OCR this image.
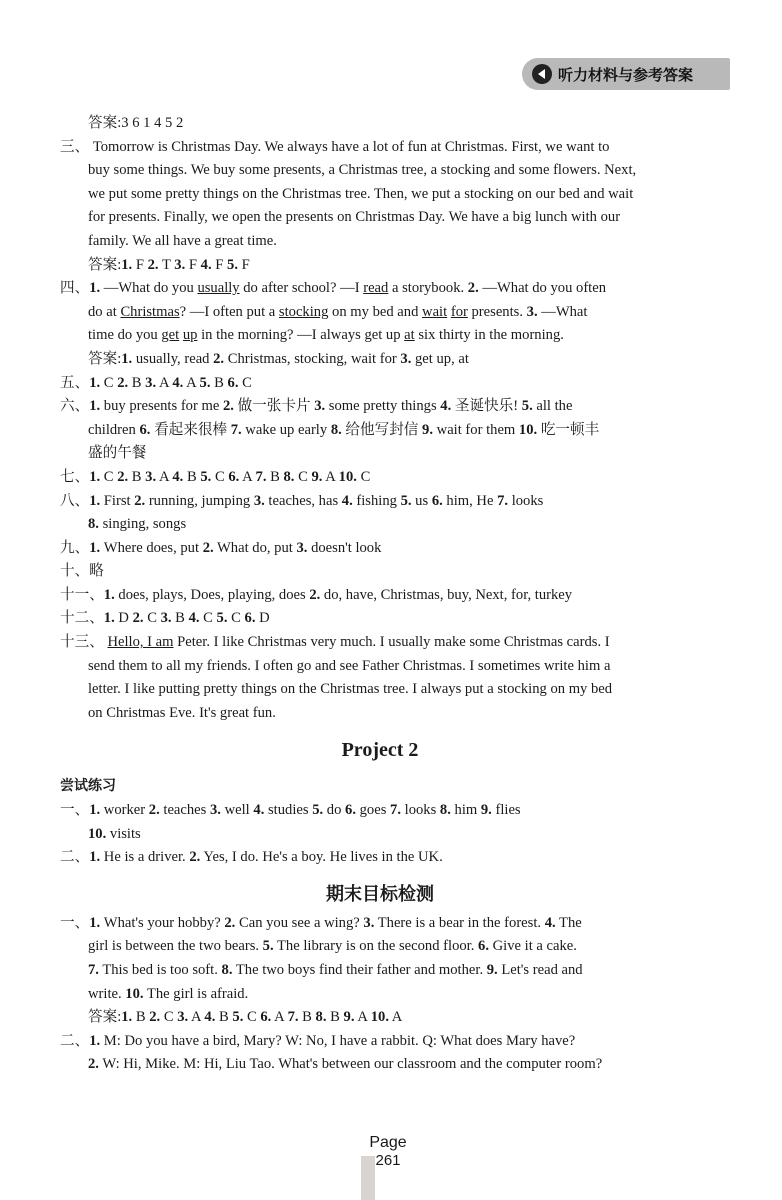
听力材料与参考答案
答案:3 6 1 4 5 2
三、 Tomorrow is Christmas Day. We always have a lot of fun at Christmas. First, we want to
buy some things. We buy some presents, a Christmas tree, a stocking and some flowers. Next,
we put some pretty things on the Christmas tree. Then, we put a stocking on our bed and wait
for presents. Finally, we open the presents on Christmas Day. We have a big lunch with our
family. We all have a great time.
答案:1. F 2. T 3. F 4. F 5. F
四、1. —What do you usually do after school? —I read a storybook. 2. —What do you often
do at Christmas? —I often put a stocking on my bed and wait for presents. 3. —What
time do you get up in the morning? —I always get up at six thirty in the morning.
答案:1. usually, read 2. Christmas, stocking, wait for 3. get up, at
五、1. C 2. B 3. A 4. A 5. B 6. C
六、1. buy presents for me 2. 做一张卡片 3. some pretty things 4. 圣诞快乐! 5. all the
children 6. 看起来很棒 7. wake up early 8. 给他写封信 9. wait for them 10. 吃一顿丰
盛的午餐
七、1. C 2. B 3. A 4. B 5. C 6. A 7. B 8. C 9. A 10. C
八、1. First 2. running, jumping 3. teaches, has 4. fishing 5. us 6. him, He 7. looks
8. singing, songs
九、1. Where does, put 2. What do, put 3. doesn't look
十、略
十一、1. does, plays, Does, playing, does 2. do, have, Christmas, buy, Next, for, turkey
十二、1. D 2. C 3. B 4. C 5. C 6. D
十三、 Hello, I am Peter. I like Christmas very much. I usually make some Christmas cards. I
send them to all my friends. I often go and see Father Christmas. I sometimes write him a
letter. I like putting pretty things on the Christmas tree. I always put a stocking on my bed
on Christmas Eve. It's great fun.
Project 2
尝试练习
一、1. worker 2. teaches 3. well 4. studies 5. do 6. goes 7. looks 8. him 9. flies
10. visits
二、1. He is a driver. 2. Yes, I do. He's a boy. He lives in the UK.
期末目标检测
一、1. What's your hobby? 2. Can you see a wing? 3. There is a bear in the forest. 4. The
girl is between the two bears. 5. The library is on the second floor. 6. Give it a cake.
7. This bed is too soft. 8. The two boys find their father and mother. 9. Let's read and
write. 10. The girl is afraid.
答案:1. B 2. C 3. A 4. B 5. C 6. A 7. B 8. B 9. A 10. A
二、1. M: Do you have a bird, Mary? W: No, I have a rabbit. Q: What does Mary have?
2. W: Hi, Mike. M: Hi, Liu Tao. What's between our classroom and the computer room?
Page
261
